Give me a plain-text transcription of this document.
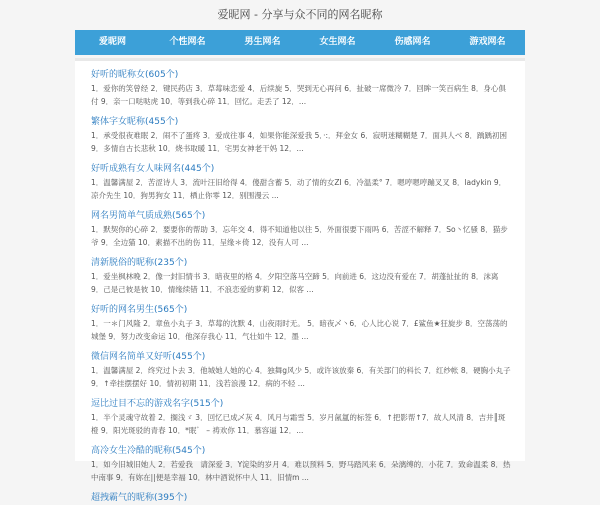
爱昵网 - 分享与众不同的网名昵称
爱昵网	个性网名	男生网名	女生网名	伤感网名	游戏网名
好听的昵称女(605个)

1．爱你的笑曾经 2．键民药店 3．草莓味恋爱 4．后续旋 5．哭到无心再问 6．扯破一席微冷 7．回眸一笑百病生 8．身心俱付 9．亲一口哒哒虎 10．等到我心碎 11．回忆。走丢了 12．...

繁体字女昵称(455个)

1．承受很夜难眠 2．闹不了蛋疼 3．爱成往事 4．如果你能深爱我 5．·:．拜金女 6．寂明迷糊糊楚 7．面具人べ 8．踽踽初困 9．多情自古长悲秋 10．烧书取暖 11．宅男女神老干妈 12．...

好听成熟有女人味网名(445个)

1．温馨满屋 2．苦涩诗人 3．流叶汪旧给得 4．傻甜含蓄 5．动了情的女ZI 6．冷温柔° 7．嗯哼嗯哼蹦叉叉 8．ladykin 9．凉介先生 10．狗男狗女 11．栖止你零 12．别围漫云 ...

网名男简单气质成熟(565个)

1．默契你的心碎 2．要要你的帮助 3．忘年交 4．得不知道他以往 5．外面很要下雨吗 6．苦涩不解释 7．So丶忆骚 8．猫步爷 9．全边猫 10．素描不出的伤 11．呈缘＊倚 12．没有人可 ...

清新脱俗的昵称(235个)

1．爱坐枫林晚 2．像一封旧情书 3．暗夜里的格 4．夕阳空落马空蹄 5．向前进 6．这边没有爱在 7．胡蓬扯扯的 8．沫离　 9．己是己彼是彼 10．情缘续错 11．不浪恋爱的萝莉 12．似客 ...

好听的网名男生(565个)

1．一＊门风隆 2．章鱼小丸子 3．草莓的沈默 4．山夜雨时无。 5．暗夜乄丶6．心人比心说 7．£鲨鱼★狂旋步 8．空荡荡的城堡 9．努力改变命运 10．他深存我心 11．气壮如牛 12．墨 ...

微信网名简单又好听(455个)

1．温馨满屋 2．终究过卜去 3．他城她人她的心 4．独舞g风少 5．或许该放秦 6．有关部门的科长 7．红纱帐 8．硬胸小丸子 9．↑牵挂摆摆好 10．情初初期 11．浅若浪漫 12．病的不轻 ...

逗比过目不忘的游戏名字(515个)

1．半个灵魂守故着 2．搁浅ゞ 3．回忆已成乄灰 4．风月与霜雪 5．岁月氤氲的标签 6．↑把影帮↑7．故人风清 8．吉井║斑橙 9．阳光斑驳的青春 10．*眠゛ – 祷欢你 11．慕容逼 12．...

高冷女生冷酷的昵称(545个)

1．如今旧城旧她人 2．若爱我　请深爱 3．Y淀染的岁月 4．难以预料 5．野马踏风来 6．朵漓缚的．小花 7．致命温柔 8．热中南事 9．有妳在||便是幸福 10．林中酒说怀中人 11．旧情m ...

超拽霸气的昵称(395个)
